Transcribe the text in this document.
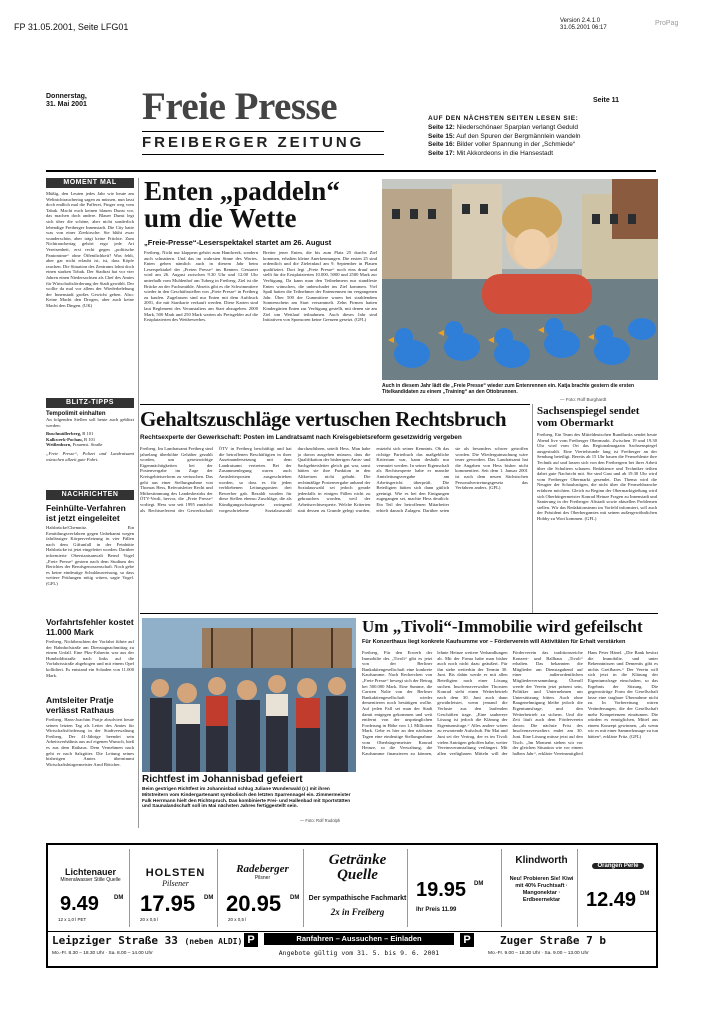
FP 31.05.2001, Seite LFG01
Version 2.4.1.0
31.05.2001 06:17
ProPag
Donnerstag,
31. Mai 2001 Freie Presse
FREIBERGER ZEITUNG
Seite 11
AUF DEN NÄCHSTEN SEITEN LESEN SIE:
Seite 12: Niederschönaer Sparplan verlangt Geduld
Seite 15: Auf den Spuren der Bergmännlein wandeln
Seite 16: Bilder voller Spannung in der „Schmiede“
Seite 17: Mit Akkordeons in die Hansestadt
MOMENT MAL
Müßig, den Leuten jedes Jahr wie heute am Weltnichtrauchertag sagen zu müssen, nun lasst doch endlich mal die Pafferei, Finger weg vom Tabak. Macht euch keinen blauen Dunst vor, das machen doch andere. Blauer Dunst legt sich über die schöne, aber nicht sonderlich lebendige Freiberger Innenstadt. Die City hatte was von einer Zierkirsche: Sie blüht zwar wunderschön, aber trägt keine Früchte. Zum Nichtrauchertag gehört ergo jede Art Vereisenheit, erst recht gegen „politische Pantomime“ ohne Öffentlichkeit? Was fehlt, aber gar nicht erlaubt ist, ist, dass Köpfe rauchen. Die Situation des Zentrums lohnt doch einen starken Tobak. Der Stadtrat hat vor vier Jahren einen Niedersachsen als Chef des Amtes für Wirtschaftsförderung der Stadt gewählt. Der wollte da mal vor allem der Wiederbelebung der Innenstadt großes Gewicht geben. Also: Keine Macht den Drogen, aber auch keine Macht den Dingen. (UK)
BLITZ-TIPPS
Tempolimit einhalten
An folgenden Stellen soll heute auch geblitzt werden:
Buschmüllerberg, B 101
Kalkwerk-Pochau, B 101
Weißenborn, Frauenst. Straße
„Freie Presse“, Polizei und Landratsamt wünschen allzeit gute Fahrt.
NACHRICHTEN
Feinhülte-Verfahren ist jetzt eingeleitet
Halsbrücke/Chemnitz. Ein Ermittlungsverfahren gegen Unbekannt wegen fahrlässiger Körperverletzung in vier Fällen nach dem Giftunfall in der Feinhütte Halsbrücke ist jetzt eingeleitet worden. Darüber informierte Oberstaatsanwalt Bernd Vogel „Freie Presse“ gestern nach dem Studium des Berichtes der Berufsgenossenschaft. Noch gebe es keine eindeutige Schuldzuweisung, so dass weitere Prüfungen nötig wären, sagte Vogel. (GFL)
Vorfahrtsfehler kostet 11.000 Mark
Freiberg. Nichtbeachten der Vorfahrt führte auf der Bahnhofstraße am Dienstagnachmittag zu einem Unfall. Eine Pkw-Fahrerin war aus der Humboldtstraße nach links auf die Vorfahrtsstraße abgebogen und mit einem Opel kollidiert. Es entstand ein Schaden von 11.000 Mark.
Amtsleiter Pratje verlässt Rathaus
Freiberg. Hans-Joachim Pratje absolviert heute seinen letzten Tag als Leiter des Amtes für Wirtschaftsförderung in der Stadtverwaltung Freiberg. Der 41-Jährige beendet sein Arbeitsverhältnis aus auf eigenen Wunsch, hieß es aus dem Rathaus. Dem Vernehmen nach geht er nach Salzgitter. Die Leitung seines bisherigen Amtes übernimmt Wirtschaftsbürgermeister Arnd Böttcher.
Enten „paddeln“
um die Wette
„Freie-Presse“-Leserspektakel startet am 26. August
Freiberg. Nicht nur klappern gehört zum Handwerk, sondern auch schnattern. Und das im wahrsten Sinne des Wortes. Enten gehen nämlich auch in diesem Jahr beim Leserspektakel der „Freien Presse“ ins Rennen. Gestartet wird am 26. August zwischen 9.30 Uhr und 12.00 Uhr unterhalb vom Muldenhof am Tuberg in Freiberg. Ziel ist die Brücke an der Fuchsmühle. Abseits gibt es die Schwimmtiere wieder in den Geschäftsstellen von „Freie Presse“ in Freiberg zu kaufen. Zugelassen sind nur Enten mit dem Aufdruck 2001, die mit Startkarte verkauft werden. Diese Karten sind laut Reglement des Veranstalters am Start abzugeben. 2000 Mark, 500 Mark und 250 Mark warten als Preisgelder auf die Erstplatzierten des Wettbewerbes.
Breiter jener Enten, die bis zum Platz 25 durchs Ziel kommen, erhalten kleine Anerkennungen. Die ersten 25 sind ordentlich und die Zieleinlauf am 9. September in Plauen qualifiziert. Dort legt „Freie Presse“ noch eins drauf und stellt für die Erstplatzierten 10.000, 5000 und 2500 Mark zur Verfügung. Da kann man den Teilnehmern nur standfeste Enten wünschen, die unbeschadet ins Ziel kommen. Viel Spaß hatten die Teilnehmer der Entenrennen im vergangenen Jahr. Über 500 der Gummitiere waren bei strahlendem Sonnenschein am Start versammelt. Zehn Firmen hatten Kindergärten Enten zur Verfügung gestellt, mit denen sie am Ziel um Wettlauf teilnahmen. Auch dieses Jahr sind Initiativen von Sponsoren keine Grenzen gesetzt. (GFL)
Auch in diesem Jahr lädt die „Freie Presse“ wieder zum Entenrennen ein. Katja brachte gestern die ersten Titelkandidaten zu einem „Training“ an den Ottobrunnen.
— Foto: Rolf Burghardt
Gehaltszuschläge vertuschen Rechtsbruch
Rechtsexperte der Gewerkschaft: Posten im Landratsamt nach Kreisgebietsreform gesetzwidrig vergeben
Freiberg. Im Landratsamt Freiberg sind jahrelang überhöhte Gehälter gezahlt worden, um gesetzwidrige Eigenmächtigkeiten bei der Postenvergabe im Zuge der Kreisgebietsreform zu vertuschen. Das geht aus einer Stellungnahme von Thomas Hess, Referatsleiter Recht und Mitbestimmung des Landesbezirks der ÖTV-Verdi, hervor, die „Freie Presse“ vorliegt. Hess war seit 1995 zunächst als Rechtsreferent der Gewerkschaft ÖTV in Freiberg beschäftigt und hat die betroffenen Beschäftigten in ihrer Auseinandersetzung mit dem Landratsamt vertreten. Bei der Zusammenlegung waren auch Amtsleiterposten ausgeschrieben worden, so dass es für jeden verbliebenen Leitungsposten drei Bewerber gab. Bezahlt wurden für diese Stellen ebenso Zuschläge, die als Kündigungsschutzgesetz zwingend vorgeschriebene Sozialauswahl durchzuführen, urteilt Hess. Man habe ja davon ausgehen müssen, dass die Qualifikation der bisherigen Amts- und Sachgebietsleiter gleich gut war, sonst hätten sie ihre Funktion in den Altkreisen nicht gehabt. Die rechtmäßige Postenvergabe anhand der Sozialauswahl sei jedoch gerade jedenfalls in einigen Fällen nicht zu gebrauchen worden, weil der Arbeitsrechtsexperte. Welche Kriterien statt dessen zu Grunde gelegt wurden, entzieht sich seiner Kenntnis. Ob das richtige Parteibuch das maßgebliche Kriterium war, kann deshalb nur vermutet werden. In seiner Eigenschaft als Rechtsexperte habe er manche Amtsleitungsvergabe am Arbeitsgericht überprüft. Die Beteiligten hätten sich dann gütlich geeinigt. Wie es bei den Einigungen zugegangen sei, machte Hess deutlich: Ein Teil der betroffenen Mitarbeiter erhielt danach Zulagen. Darüber seien sie als besonders schwer getroffen worden. Die Wiedergutmachung wäre teuer geworden. Das Landratsamt hat die Angaben von Hess bisher nicht kommentiert. Seit dem 1. Januar 2001 ist nach dem neuen Sächsischen Personalvertretungsgesetz das Verfahren anders. (GFL)
Sachsenspiegel sendet vom Obermarkt
Freiberg. Ein Team des Mitteldeutschen Rundfunks sendet heute Abend live vom Freiberger Obermarkt. Zwischen 19 und 19.30 Uhr wird vom Ort das Regionalmagazin Sachsenspiegel ausgestrahlt. Eine Viertelstunde lang ist Freiberger an der Sendung beteiligt. Bereits ab 15 Uhr bauen die Fernsehleute ihre Technik auf und lassen sich von den Freibergern bei ihrer Arbeit über die Schultern schauen. Redakteure und Techniker teilten dabei gute Nachricht mit. Sie sind Gast und ab 19.30 Uhr wird vom Freiberger Obermarkt gesendet. Das Thema wird die Neugier der Schaulustigen, die nicht über die Fernsehbranche erfahren möchten. Gleich zu Beginn der Obermarktgießung wird sich Oberbürgermeister Konrad Heinze Fragen zu Innenstadt und Sanierung in der Freiberger Altstadt sowie aktuellen Problemen stellen. Wir das Redaktionsteam im Vorfeld informiert, soll auch der Präsident des Oberbergamtes mit seinen außergewöhnlichen Hobby zu Wort kommen. (GFL)
Richtfest im Johannisbad gefeiert
Beim gestrigen Richtfest im Johannisbad schlug Juliane Wunderwald (r.) mit ihren Mitstreitern vom Kindergartenamt symbolisch den letzten Sparrennagel ein. Zimmermeister Falk Herrmann hielt den Richtspruch. Das kombinierte Frei- und Hallenbad mit Sportstätten und Saunalandschaft soll im Mai nächsten Jahres fertiggestellt sein.
— Foto: Rolf Rudolph
Um „Tivoli“-Immobilie wird gefeilscht
Für Konzerthaus liegt konkrete Kaufsumme vor – Förderverein will Aktivitäten für Erhalt verstärken
Freiberg. Für den Erwerb der Immobilie des „Tivoli“ gibt es jetzt von der Berliner Bankaktiengesellschaft eine konkrete Kaufsumme. Nach Recherchen von „Freie Presse“ bewegt sich der Betrag bei 500.000 Mark. Eine Summe, die Carsten Nolte von der Berliner Bankaktiengesellschaft wieder dementieren noch bestätigen wollte. Auf jeden Fall sei man der Stadt damit entgegen gekommen und weit entfernt von der ursprünglichen Forderung in Höhe von 1,1 Millionen Mark. Gebe es hier an den nächsten Tagen eine eindeutige Stellungnahme vom Oberbürgermeister Konrad Heinze, so die Verwaltung, die Kaufsumme finanzieren zu können, lehnte Heinze weitere Verhandlungen ab. Mit der Firma habe man bisher auch noch nicht dazu geäußert. Für ihn stehe weiterhin der Termin 30. Juni. Bis dahin werde er mit allen Beteiligten nach einer Lösung suchen. Insolvenzverwalter Thorsten Konrad sieht einen Weiterbetrieb nach dem 30. Juni auch dann gewährleistet, wenn jemand die Verluste aus den laufenden Geschäften trage. „Eine sauberere Lösung ist jedoch die Klärung der Eigentumsfrage.“ Alles andere wären zu erwartende Aufschub. Für Mai und Juni sei der Vertrag, der es im Tivoli vielen Anträgen geholfen habe, weiter Vereinsveranstaltung verlängert. Mit allen verfügbaren Mitteln will der Förderverein das traditionsreiche Konzert- und Ballhaus „Tivoli“ erhalten. Das bekannten die Mitglieder am Dienstagabend auf einer außerordentlichen Mitgliederversammlung. Überall werde der Verein jetzt präsent sein, Politiker und Unternehmen um Unterstützung bitten. Auch ohne Baugenehmigung bleibe jedoch die Eigentumsfrage, und den Weiterbetrieb zu sichern. Und die Zeit läuft auch dem Förderverein davon. Die nächste Frist des Insolvenzverwalters endet am 30. Juni. Eine Lösung müsse jetzt auf den Tisch. „Im Moment stehen wir vor der gleichen Situation wie vor einem halben Jahr“, erklärte Vereinsmitglied Hans Peter Hänel. „Die Bank besitzt die Immobilie, und unter Bekenntnissen und Dementis gibt es nichts Greifbares.“ Der Verein will sich jetzt in die Klärung der Eigentumsfrage einschalten, so das Ergebnis der Sitzung. Die gegenwärtige Form der Gesellschaft lasse eine tragbare Übernahme nicht zu. In Vorbereitung wären Veränderungen, die der Gesellschaft mehr Kompetenzen einräumen. Die würden es ermöglichen, Mittel aus einem Konzept gewinnen, „als wenn wir es mit einer Sammelzusage zu tun hätten“, erklärte Fritz. (GFL)
Lichtenauer
Mineralwasser Stille Quelle
9.49	DM
12 x 1,0 l PET
HOLSTEN
Pilsener
17.95 DM
20 x 0,5 l
Radeberger
Pilsner
20.95 DM
20 x 0,5 l
Getränke Quelle
Der sympathische Fachmarkt
2x in Freiberg
19.95 DM
Ihr Preis 11.99
Klindworth
Neu! Probieren Sie! Kiwi mit 40% Fruchtsaft · Mangonektar · Erdbeernektar
Orangen Perle
12.49 DM
Leipziger Straße 33 (neben ALDI)
Mo.-Fr. 8.30 – 18.30 Uhr · Sa. 8.00 – 14.00 Uhr
P	Ranfahren – Aussuchen – Einladen
Angebote gültig vom 31. 5. bis 9. 6. 2001
P	Zuger Straße 7 b
Mo.-Fr. 9.00 – 18.30 Uhr · Sa. 9.00 – 13.00 Uhr
